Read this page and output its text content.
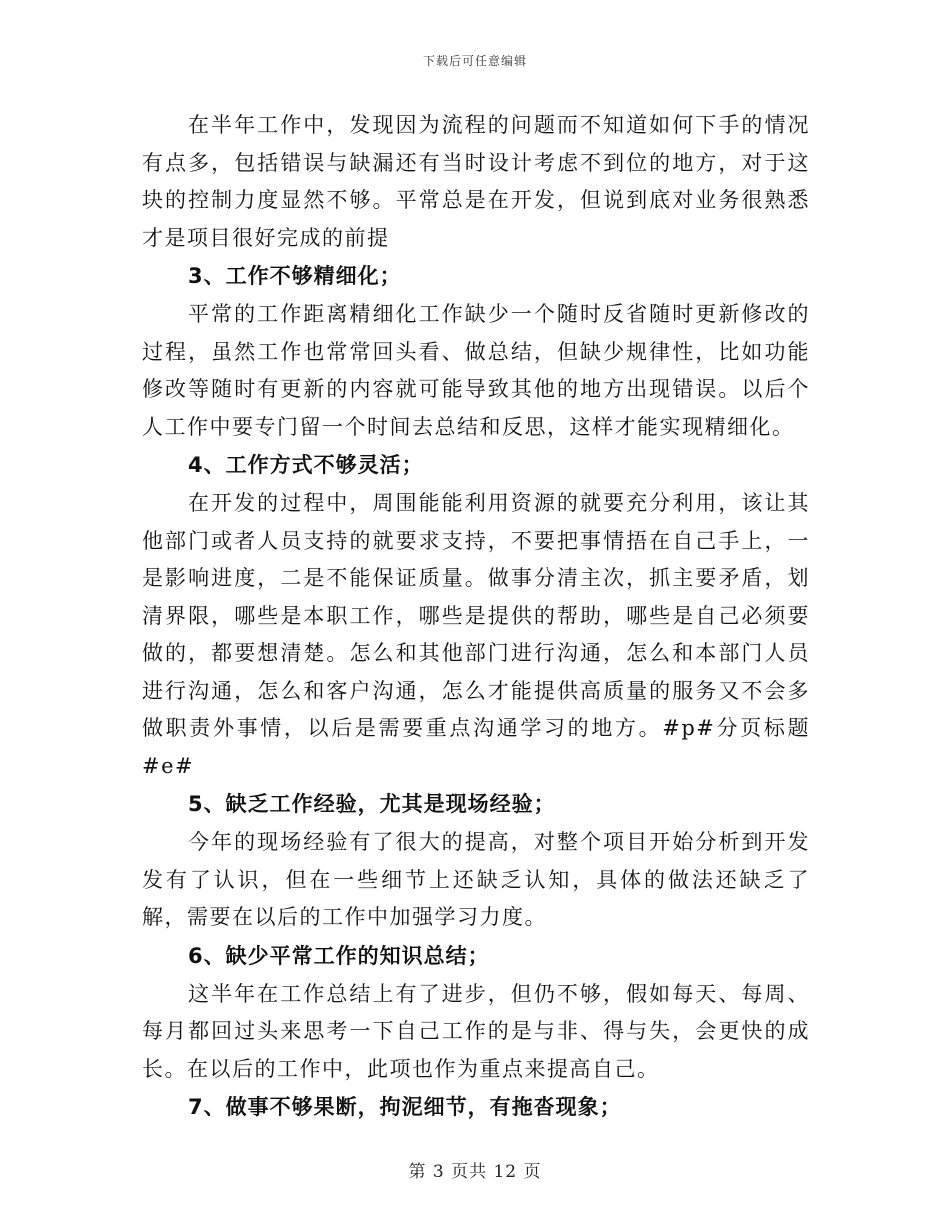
下载后可任意编辑

在半年工作中，发现因为流程的问题而不知道如何下手的情况有点多，包括错误与缺漏还有当时设计考虑不到位的地方，对于这块的控制力度显然不够。平常总是在开发，但说到底对业务很熟悉才是项目很好完成的前提

3、工作不够精细化；

平常的工作距离精细化工作缺少一个随时反省随时更新修改的过程，虽然工作也常常回头看、做总结，但缺少规律性，比如功能修改等随时有更新的内容就可能导致其他的地方出现错误。以后个人工作中要专门留一个时间去总结和反思，这样才能实现精细化。

4、工作方式不够灵活；

在开发的过程中，周围能能利用资源的就要充分利用，该让其他部门或者人员支持的就要求支持，不要把事情捂在自己手上，一是影响进度，二是不能保证质量。做事分清主次，抓主要矛盾，划清界限，哪些是本职工作，哪些是提供的帮助，哪些是自己必须要做的，都要想清楚。怎么和其他部门进行沟通，怎么和本部门人员进行沟通，怎么和客户沟通，怎么才能提供高质量的服务又不会多做职责外事情，以后是需要重点沟通学习的地方。#p#分页标题#e#

5、缺乏工作经验，尤其是现场经验；

今年的现场经验有了很大的提高，对整个项目开始分析到开发发有了认识，但在一些细节上还缺乏认知，具体的做法还缺乏了解，需要在以后的工作中加强学习力度。

6、缺少平常工作的知识总结；

这半年在工作总结上有了进步，但仍不够，假如每天、每周、每月都回过头来思考一下自己工作的是与非、得与失，会更快的成长。在以后的工作中，此项也作为重点来提高自己。

7、做事不够果断，拘泥细节，有拖沓现象；
第 3 页共 12 页
